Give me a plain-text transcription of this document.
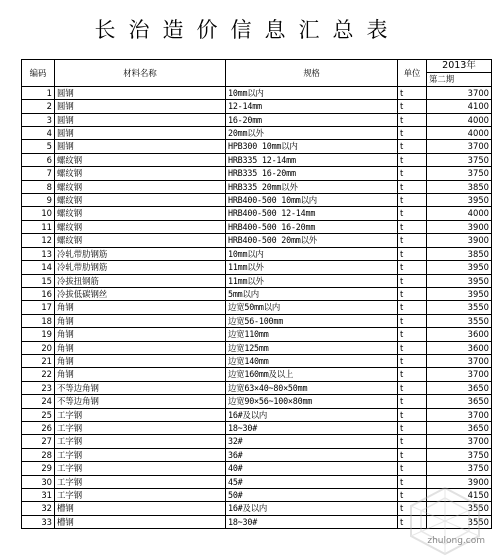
长治造价信息汇总表
编码	材料名称	规格	单位	2013年
				第二期
1	圆钢	10mm以内	t	3700
2	圆钢	12-14mm	t	4100
3	圆钢	16-20mm	t	4000
4	圆钢	20mm以外	t	4000
5	圆钢	HPB300 10mm以内	t	3700
6	螺纹钢	HRB335 12-14mm	t	3750
7	螺纹钢	HRB335 16-20mm	t	3750
8	螺纹钢	HRB335 20mm以外	t	3850
9	螺纹钢	HRB400-500 10mm以内	t	3950
10	螺纹钢	HRB400-500 12-14mm	t	4000
11	螺纹钢	HRB400-500 16-20mm	t	3900
12	螺纹钢	HRB400-500 20mm以外	t	3900
13	冷轧带肋钢筋	10mm以内	t	3850
14	冷轧带肋钢筋	11mm以外	t	3950
15	冷拔扭钢筋	11mm以外	t	3950
16	冷拔低碳钢丝	5mm以内	t	3950
17	角钢	边宽50mm以内	t	3550
18	角钢	边宽56-100mm	t	3550
19	角钢	边宽110mm	t	3600
20	角钢	边宽125mm	t	3600
21	角钢	边宽140mm	t	3700
22	角钢	边宽160mm及以上	t	3700
23	不等边角钢	边宽63×40~80×50mm	t	3650
24	不等边角钢	边宽90×56~100×80mm	t	3650
25	工字钢	16#及以内	t	3700
26	工字钢	18~30#	t	3650
27	工字钢	32#	t	3700
28	工字钢	36#	t	3750
29	工字钢	40#	t	3750
30	工字钢	45#	t	3900
31	工字钢	50#	t	4150
32	槽钢	16#及以内	t	3550
33	槽钢	18~30#	t	3550
zhulong.com
